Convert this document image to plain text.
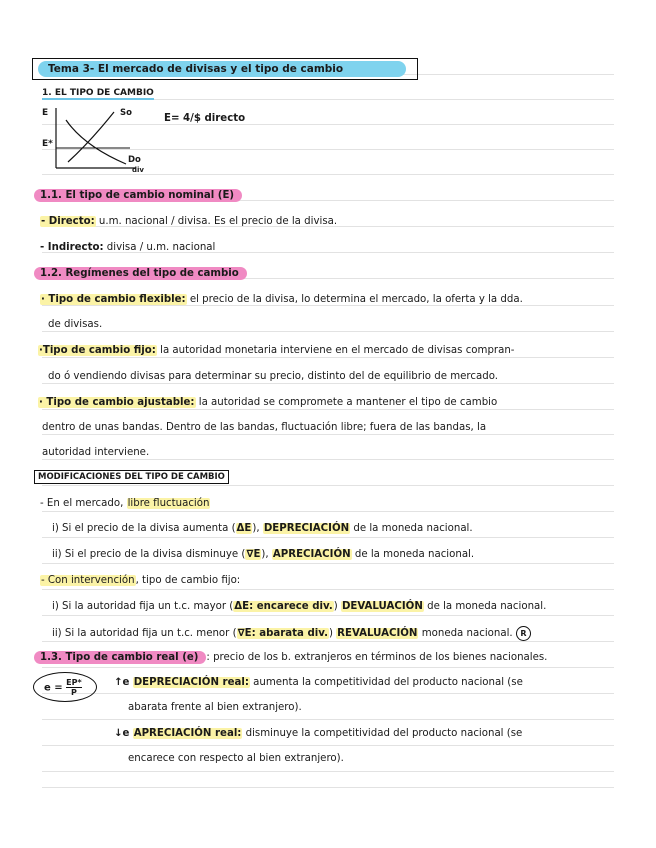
Tema 3- El mercado de divisas y el tipo de cambio
1. EL TIPO DE CAMBIO
E
E*
So
Do
div
E= 4/$ directo
1.1. El tipo de cambio nominal (E)
- Directo: u.m. nacional / divisa. Es el precio de la divisa.
- Indirecto: divisa / u.m. nacional
1.2. Regímenes del tipo de cambio
· Tipo de cambio flexible: el precio de la divisa, lo determina el mercado, la oferta y la dda.
de divisas.
·Tipo de cambio fijo: la autoridad monetaria interviene en el mercado de divisas compran-
do ó vendiendo divisas para determinar su precio, distinto del de equilibrio de mercado.
· Tipo de cambio ajustable: la autoridad se compromete a mantener el tipo de cambio
dentro de unas bandas. Dentro de las bandas, fluctuación libre; fuera de las bandas, la
autoridad interviene.
MODIFICACIONES DEL TIPO DE CAMBIO
- En el mercado, libre fluctuación
i) Si el precio de la divisa aumenta (ΔE), DEPRECIACIÓN de la moneda nacional.
ii) Si el precio de la divisa disminuye (∇E), APRECIACIÓN de la moneda nacional.
- Con intervención, tipo de cambio fijo:
i) Si la autoridad fija un t.c. mayor (ΔE: encarece div.) DEVALUACIÓN de la moneda nacional.
ii) Si la autoridad fija un t.c. menor (∇E: abarata div.) REVALUACIÓN moneda nacional. R
1.3. Tipo de cambio real (e) : precio de los b. extranjeros en términos de los bienes nacionales.
$e = \frac{EP*}{P}$	↑e DEPRECIACIÓN real: aumenta la competitividad del producto nacional (se
abarata frente al bien extranjero).
↓e APRECIACIÓN real: disminuye la competitividad del producto nacional (se
encarece con respecto al bien extranjero).
